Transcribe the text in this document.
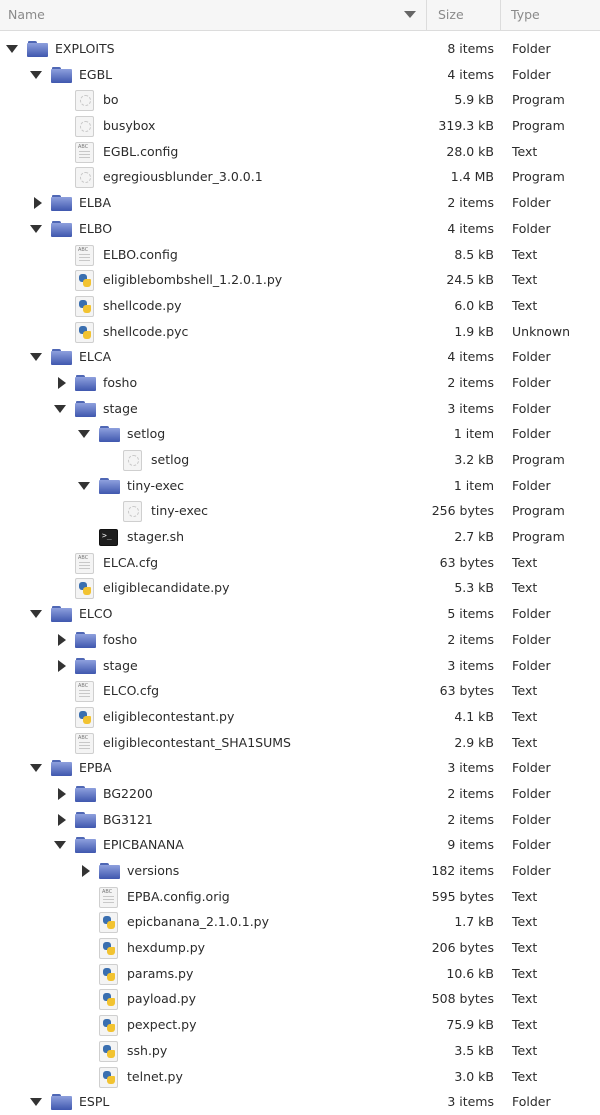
Name	Size	Type
EXPLOITS	8 items Folder
EGBL	4 items Folder
bo	5.9 kB Program
busybox	319.3 kB Program
ABC EGBL.config	28.0 kB Text
egregiousblunder_3.0.0.1	1.4 MB Program
ELBA	2 items Folder
ELBO	4 items Folder
ABC ELBO.config	8.5 kB Text
eligiblebombshell_1.2.0.1.py	24.5 kB Text
shellcode.py	6.0 kB Text
shellcode.pyc	1.9 kB Unknown
ELCA	4 items Folder
fosho	2 items Folder
stage	3 items Folder
setlog	1 item Folder
setlog	3.2 kB Program
tiny-exec	1 item Folder
tiny-exec	256 bytes Program
>_ stager.sh	2.7 kB Program
ABC ELCA.cfg	63 bytes Text
eligiblecandidate.py	5.3 kB Text
ELCO	5 items Folder
fosho	2 items Folder
stage	3 items Folder
ABC ELCO.cfg	63 bytes Text
eligiblecontestant.py	4.1 kB Text
ABC eligiblecontestant_SHA1SUMS	2.9 kB Text
EPBA	3 items Folder
BG2200	2 items Folder
BG3121	2 items Folder
EPICBANANA	9 items Folder
versions	182 items Folder
ABC EPBA.config.orig	595 bytes Text
epicbanana_2.1.0.1.py	1.7 kB Text
hexdump.py	206 bytes Text
params.py	10.6 kB Text
payload.py	508 bytes Text
pexpect.py	75.9 kB Text
ssh.py	3.5 kB Text
telnet.py	3.0 kB Text
ESPL	3 items Folder
